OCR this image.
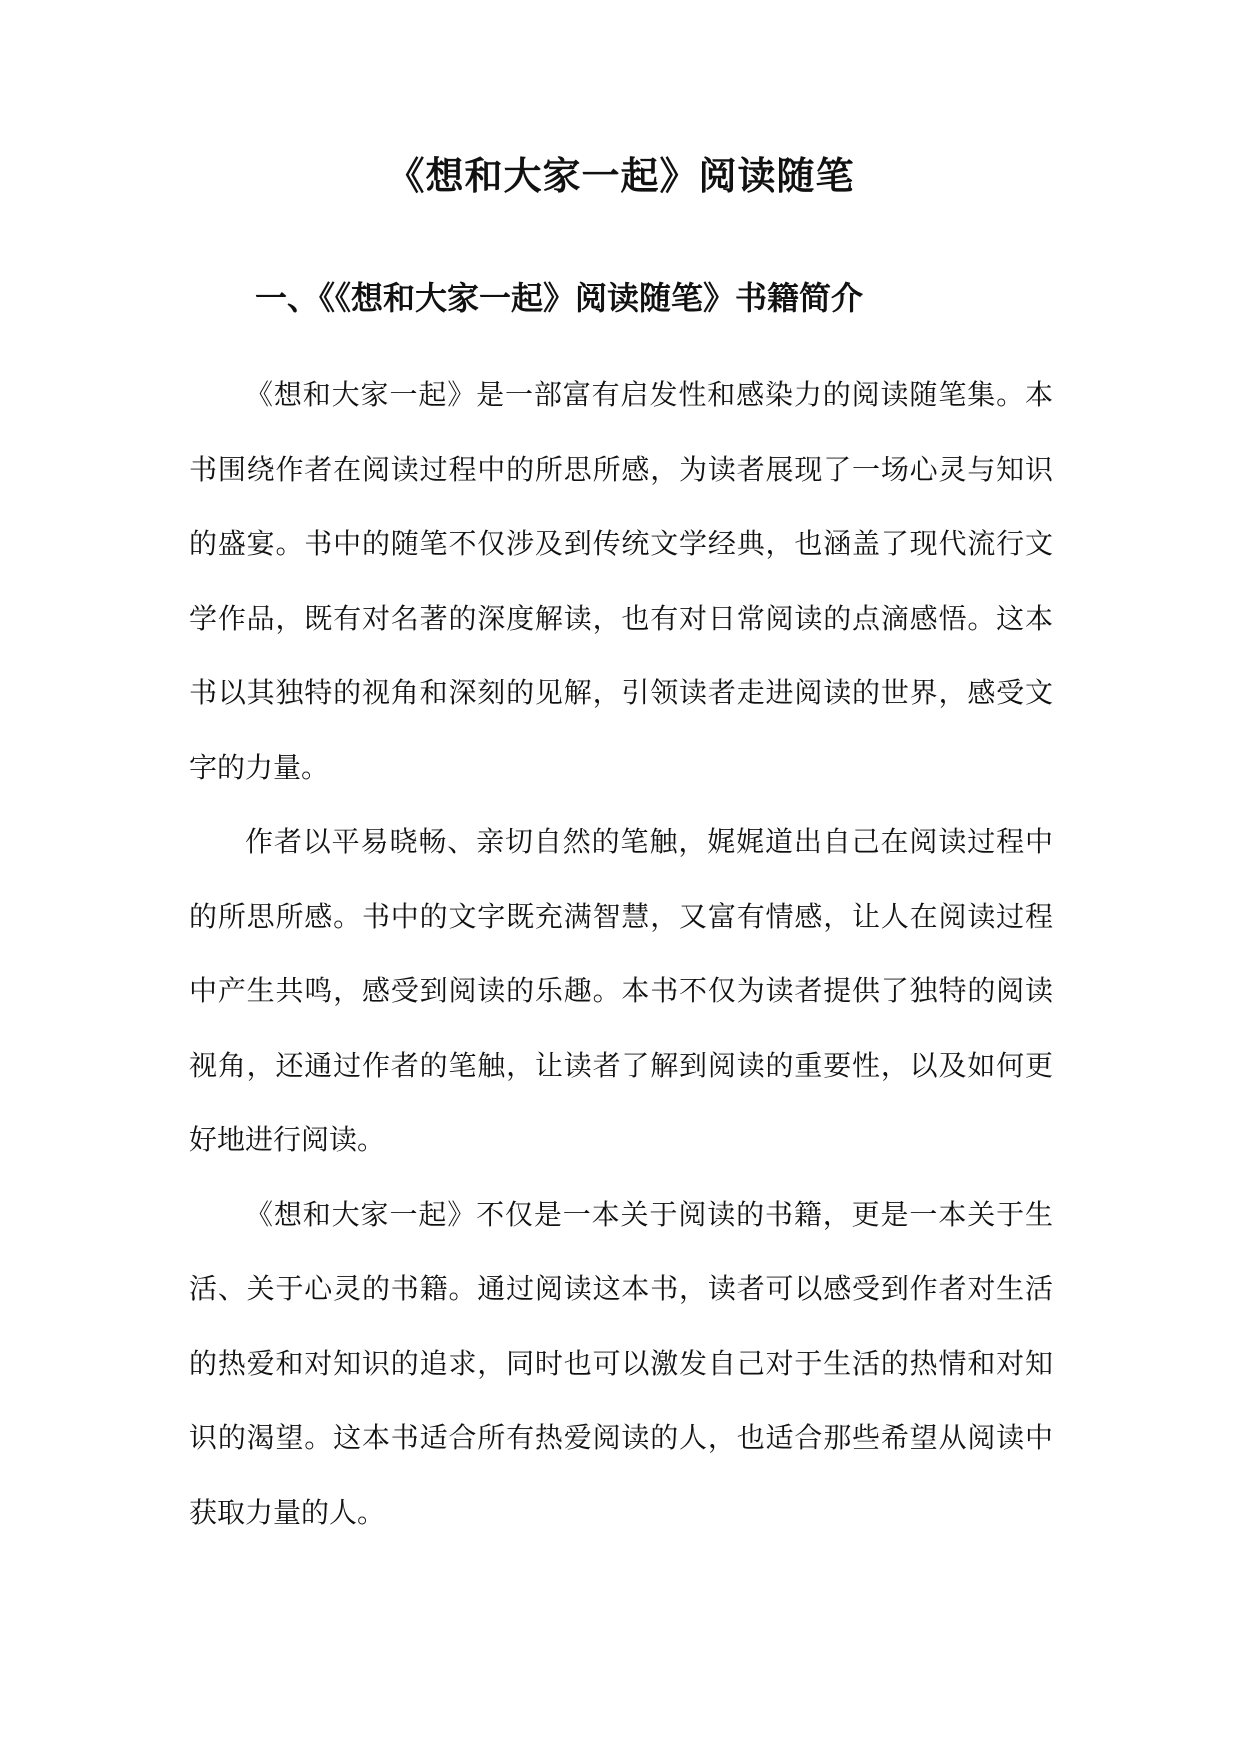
《想和大家一起》阅读随笔
一、《《想和大家一起》阅读随笔》书籍简介

《想和大家一起》是一部富有启发性和感染力的阅读随笔集。本书围绕作者在阅读过程中的所思所感，为读者展现了一场心灵与知识的盛宴。书中的随笔不仅涉及到传统文学经典，也涵盖了现代流行文学作品，既有对名著的深度解读，也有对日常阅读的点滴感悟。这本书以其独特的视角和深刻的见解，引领读者走进阅读的世界，感受文字的力量。

作者以平易晓畅、亲切自然的笔触，娓娓道出自己在阅读过程中的所思所感。书中的文字既充满智慧，又富有情感，让人在阅读过程中产生共鸣，感受到阅读的乐趣。本书不仅为读者提供了独特的阅读视角，还通过作者的笔触，让读者了解到阅读的重要性，以及如何更好地进行阅读。

《想和大家一起》不仅是一本关于阅读的书籍，更是一本关于生活、关于心灵的书籍。通过阅读这本书，读者可以感受到作者对生活的热爱和对知识的追求，同时也可以激发自己对于生活的热情和对知识的渴望。这本书适合所有热爱阅读的人，也适合那些希望从阅读中获取力量的人。
